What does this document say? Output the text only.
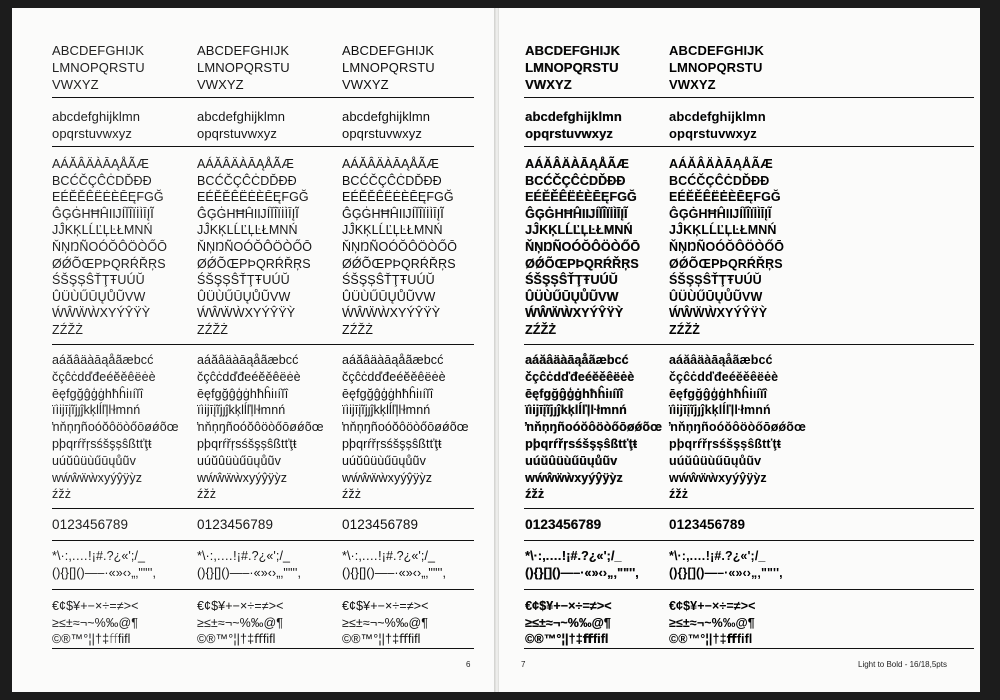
ABCDEFGHIJK
LMNOPQRSTU
VWXYZ
ABCDEFGHIJK
LMNOPQRSTU
VWXYZ
ABCDEFGHIJK
LMNOPQRSTU
VWXYZ
ABCDEFGHIJK
LMNOPQRSTU
VWXYZ
ABCDEFGHIJK
LMNOPQRSTU
VWXYZ
abcdefghijklmn
opqrstuvwxyz
abcdefghijklmn
opqrstuvwxyz
abcdefghijklmn
opqrstuvwxyz
abcdefghijklmn
opqrstuvwxyz
abcdefghijklmn
opqrstuvwxyz
AÁĂÂÄÀĀĄÅÃÆ
BCĆČÇĈĊDĎĐÐ
EÉĔĚÊËĖÈĒĘFGĞ
ĜĢĠHĦĤIĲÍĬÎÏİÌĪĮĨ
JĴKĶLĹĽĻĿŁMNŃ
ŇŅŊÑOÓŎÔÖÒŐŌ
ØǾÕŒPÞQRŔŘŖS
ŚŠŞȘŜŤŢŦUÚŬ
ÛÜÙŰŪŲŮŨVW
ẂŴẄẀXYÝŶŸỲ
ZŹŽŻ
AÁĂÂÄÀĀĄÅÃÆ
BCĆČÇĈĊDĎĐÐ
EÉĔĚÊËĖÈĒĘFGĞ
ĜĢĠHĦĤIĲÍĬÎÏİÌĪĮĨ
JĴKĶLĹĽĻĿŁMNŃ
ŇŅŊÑOÓŎÔÖÒŐŌ
ØǾÕŒPÞQRŔŘŖS
ŚŠŞȘŜŤŢŦUÚŬ
ÛÜÙŰŪŲŮŨVW
ẂŴẄẀXYÝŶŸỲ
ZŹŽŻ
AÁĂÂÄÀĀĄÅÃÆ
BCĆČÇĈĊDĎĐÐ
EÉĔĚÊËĖÈĒĘFGĞ
ĜĢĠHĦĤIĲÍĬÎÏİÌĪĮĨ
JĴKĶLĹĽĻĿŁMNŃ
ŇŅŊÑOÓŎÔÖÒŐŌ
ØǾÕŒPÞQRŔŘŖS
ŚŠŞȘŜŤŢŦUÚŬ
ÛÜÙŰŪŲŮŨVW
ẂŴẄẀXYÝŶŸỲ
ZŹŽŻ
AÁĂÂÄÀĀĄÅÃÆ
BCĆČÇĈĊDĎĐÐ
EÉĔĚÊËĖÈĒĘFGĞ
ĜĢĠHĦĤIĲÍĬÎÏİÌĪĮĨ
JĴKĶLĹĽĻĿŁMNŃ
ŇŅŊÑOÓŎÔÖÒŐŌ
ØǾÕŒPÞQRŔŘŖS
ŚŠŞȘŜŤŢŦUÚŬ
ÛÜÙŰŪŲŮŨVW
ẂŴẄẀXYÝŶŸỲ
ZŹŽŻ
AÁĂÂÄÀĀĄÅÃÆ
BCĆČÇĈĊDĎĐÐ
EÉĔĚÊËĖÈĒĘFGĞ
ĜĢĠHĦĤIĲÍĬÎÏİÌĪĮĨ
JĴKĶLĹĽĻĿŁMNŃ
ŇŅŊÑOÓŎÔÖÒŐŌ
ØǾÕŒPÞQRŔŘŖS
ŚŠŞȘŜŤŢŦUÚŬ
ÛÜÙŰŪŲŮŨVW
ẂŴẄẀXYÝŶŸỲ
ZŹŽŻ
aáăâäàāąåãæbcć
čçĉċdďđeéĕěêëėè
ēęfgğĝģġhħĥiıíĭî
ïìĳīįĩjȷĵkķlĺľļŀłmnń
ŉňņŋñoóŏôöòőōøǿõœ
pþqrŕřŗsśšşșŝßtťţŧ
uúŭûüùűūųůũv
wẃŵẅẁxyýŷÿỳz
źžż
aáăâäàāąåãæbcć
čçĉċdďđeéĕěêëėè
ēęfgğĝģġhħĥiıíĭî
ïìĳīįĩjȷĵkķlĺľļŀłmnń
ŉňņŋñoóŏôöòőōøǿõœ
pþqrŕřŗsśšşșŝßtťţŧ
uúŭûüùűūųůũv
wẃŵẅẁxyýŷÿỳz
źžż
aáăâäàāąåãæbcć
čçĉċdďđeéĕěêëėè
ēęfgğĝģġhħĥiıíĭî
ïìĳīįĩjȷĵkķlĺľļŀłmnń
ŉňņŋñoóŏôöòőōøǿõœ
pþqrŕřŗsśšşșŝßtťţŧ
uúŭûüùűūųůũv
wẃŵẅẁxyýŷÿỳz
źžż
aáăâäàāąåãæbcć
čçĉċdďđeéĕěêëėè
ēęfgğĝģġhħĥiıíĭî
ïìĳīįĩjȷĵkķlĺľļŀłmnń
ŉňņŋñoóŏôöòőōøǿõœ
pþqrŕřŗsśšşșŝßtťţŧ
uúŭûüùűūųůũv
wẃŵẅẁxyýŷÿỳz
źžż
aáăâäàāąåãæbcć
čçĉċdďđeéĕěêëėè
ēęfgğĝģġhħĥiıíĭî
ïìĳīįĩjȷĵkķlĺľļŀłmnń
ŉňņŋñoóŏôöòőōøǿõœ
pþqrŕřŗsśšşșŝßtťţŧ
uúŭûüùűūųůũv
wẃŵẅẁxyýŷÿỳz
źžż
0123456789	0123456789	0123456789	0123456789	0123456789
*\·:,.…!¡#.?¿«';/_
(){}[]()—–·«»‹›„‚""'',
*\·:,.…!¡#.?¿«';/_
(){}[]()—–·«»‹›„‚""'',
*\·:,.…!¡#.?¿«';/_
(){}[]()—–·«»‹›„‚""'',
*\·:,.…!¡#.?¿«';/_
(){}[]()—–·«»‹›„‚""'',
*\·:,.…!¡#.?¿«';/_
(){}[]()—–·«»‹›„‚""'',
€¢$¥+−×÷=≠><
≥≤±≈¬~%‰@¶
©®™°¦|†‡ﬀﬁﬂ
€¢$¥+−×÷=≠><
≥≤±≈¬~%‰@¶
©®™°¦|†‡ﬀﬁﬂ
€¢$¥+−×÷=≠><
≥≤±≈¬~%‰@¶
©®™°¦|†‡ﬀﬁﬂ
€¢$¥+−×÷=≠><
≥≤±≈¬~%‰@¶
©®™°¦|†‡ﬀﬁﬂ
€¢$¥+−×÷=≠><
≥≤±≈¬~%‰@¶
©®™°¦|†‡ﬀﬁﬂ
6	7	Light to Bold - 16/18,5pts
